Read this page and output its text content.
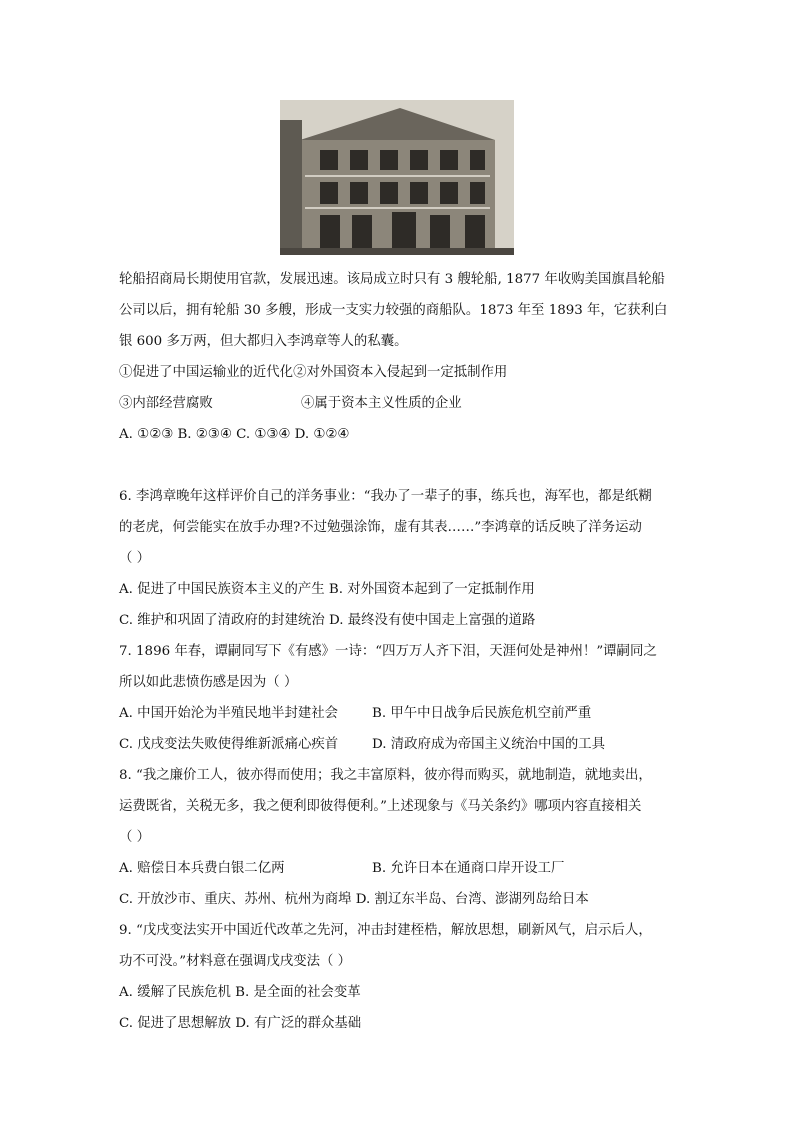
轮船招商局长期使用官款，发展迅速。该局成立时只有 3 艘轮船, 1877 年收购美国旗昌轮船
公司以后，拥有轮船 30 多艘，形成一支实力较强的商船队。1873 年至 1893 年，它获利白
银 600 多万两，但大都归入李鸿章等人的私囊。
①促进了中国运输业的近代化②对外国资本入侵起到一定抵制作用
③内部经营腐败	④属于资本主义性质的企业
A. ①②③ B. ②③④ C. ①③④ D. ①②④
6. 李鸿章晚年这样评价自己的洋务事业：“我办了一辈子的事，练兵也，海军也，都是纸糊
的老虎，何尝能实在放手办理?不过勉强涂饰，虚有其表……”李鸿章的话反映了洋务运动
（ ）
A. 促进了中国民族资本主义的产生 B. 对外国资本起到了一定抵制作用
C. 维护和巩固了清政府的封建统治 D. 最终没有使中国走上富强的道路
7. 1896 年春，谭嗣同写下《有感》一诗：“四万万人齐下泪，天涯何处是神州！”谭嗣同之
所以如此悲愤伤感是因为（ ）
A. 中国开始沦为半殖民地半封建社会	B. 甲午中日战争后民族危机空前严重
C. 戊戌变法失败使得维新派痛心疾首	D. 清政府成为帝国主义统治中国的工具
8. “我之廉价工人，彼亦得而使用；我之丰富原料，彼亦得而购买，就地制造，就地卖出，
运费既省，关税无多，我之便利即彼得便利。”上述现象与《马关条约》哪项内容直接相关
（ ）
A. 赔偿日本兵费白银二亿两	B. 允许日本在通商口岸开设工厂
C. 开放沙市、重庆、苏州、杭州为商埠 D. 割辽东半岛、台湾、澎湖列岛给日本
9. “戊戌变法实开中国近代改革之先河，冲击封建桎梏，解放思想，刷新风气，启示后人，
功不可没。”材料意在强调戊戌变法（ ）
A. 缓解了民族危机 B. 是全面的社会变革
C. 促进了思想解放 D. 有广泛的群众基础
